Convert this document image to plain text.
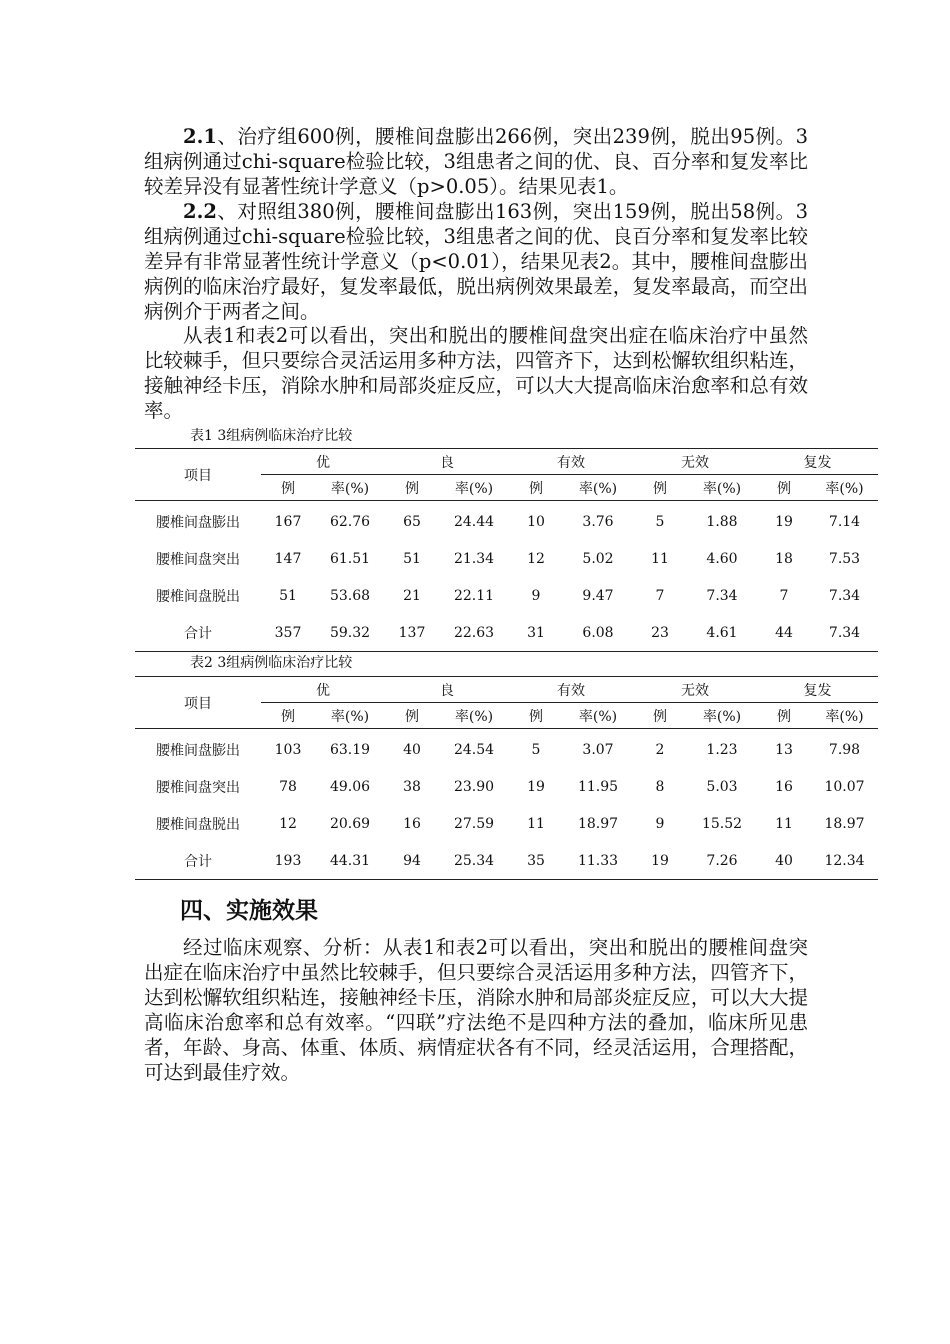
2.1、治疗组600例，腰椎间盘膨出266例，突出239例，脱出95例。3组病例通过chi-square检验比较，3组患者之间的优、良、百分率和复发率比较差异没有显著性统计学意义（p>0.05）。结果见表1。

2.2、对照组380例，腰椎间盘膨出163例，突出159例，脱出58例。3组病例通过chi-square检验比较，3组患者之间的优、良百分率和复发率比较差异有非常显著性统计学意义（p<0.01），结果见表2。其中，腰椎间盘膨出病例的临床治疗最好，复发率最低，脱出病例效果最差，复发率最高，而空出病例介于两者之间。

从表1和表2可以看出，突出和脱出的腰椎间盘突出症在临床治疗中虽然比较棘手，但只要综合灵活运用多种方法，四管齐下，达到松懈软组织粘连，接触神经卡压，消除水肿和局部炎症反应，可以大大提高临床治愈率和总有效率。

表1 3组病例临床治疗比较
项目	优		良		有效		无效		复发	
	例	率(%)	例	率(%)	例	率(%)	例	率(%)	例	率(%)
腰椎间盘膨出	167	62.76	65	24.44	10	3.76	5	1.88	19	7.14
腰椎间盘突出	147	61.51	51	21.34	12	5.02	11	4.60	18	7.53
腰椎间盘脱出	51	53.68	21	22.11	9	9.47	7	7.34	7	7.34
合计	357	59.32	137	22.63	31	6.08	23	4.61	44	7.34
表2 3组病例临床治疗比较
项目	优		良		有效		无效		复发	
	例	率(%)	例	率(%)	例	率(%)	例	率(%)	例	率(%)
腰椎间盘膨出	103	63.19	40	24.54	5	3.07	2	1.23	13	7.98
腰椎间盘突出	78	49.06	38	23.90	19	11.95	8	5.03	16	10.07
腰椎间盘脱出	12	20.69	16	27.59	11	18.97	9	15.52	11	18.97
合计	193	44.31	94	25.34	35	11.33	19	7.26	40	12.34
四、实施效果

经过临床观察、分析：从表1和表2可以看出，突出和脱出的腰椎间盘突出症在临床治疗中虽然比较棘手，但只要综合灵活运用多种方法，四管齐下，达到松懈软组织粘连，接触神经卡压，消除水肿和局部炎症反应，可以大大提高临床治愈率和总有效率。“四联”疗法绝不是四种方法的叠加，临床所见患者，年龄、身高、体重、体质、病情症状各有不同，经灵活运用，合理搭配，可达到最佳疗效。
